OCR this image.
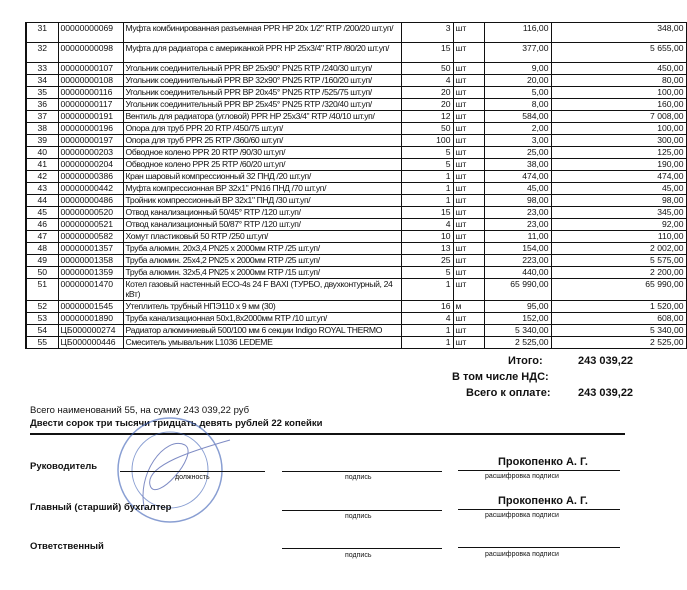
31	00000000069	Муфта комбинированная разъемная PPR HP 20x 1/2" RTP /200/20 шт.уп/	3	шт	116,00	348,00
32	00000000098	Муфта для радиатора с американкой PPR HP 25x3/4" RTP /80/20 шт.уп/	15	шт	377,00	5 655,00
33	00000000107	Угольник соединительный PPR BP 25x90° PN25 RTP /240/30 шт.уп/	50	шт	9,00	450,00
34	00000000108	Угольник соединительный PPR BP 32x90° PN25 RTP /160/20 шт.уп/	4	шт	20,00	80,00
35	00000000116	Угольник соединительный PPR BP 20x45° PN25 RTP /525/75 шт.уп/	20	шт	5,00	100,00
36	00000000117	Угольник соединительный PPR BP 25x45° PN25 RTP /320/40 шт.уп/	20	шт	8,00	160,00
37	00000000191	Вентиль для радиатора (угловой) PPR HP 25x3/4" RTP /40/10 шт.уп/	12	шт	584,00	7 008,00
38	00000000196	Опора для труб PPR 20 RTP /450/75 шт.уп/	50	шт	2,00	100,00
39	00000000197	Опора для труб PPR 25 RTP /360/60 шт.уп/	100	шт	3,00	300,00
40	00000000203	Обводное колено PPR 20 RTP /90/30 шт.уп/	5	шт	25,00	125,00
41	00000000204	Обводное колено PPR 25 RTP /60/20 шт.уп/	5	шт	38,00	190,00
42	00000000386	Кран шаровый компрессионный 32 ПНД /20 шт.уп/	1	шт	474,00	474,00
43	00000000442	Муфта компрессионная BP 32x1" PN16 ПНД /70 шт.уп/	1	шт	45,00	45,00
44	00000000486	Тройник компрессионный BP 32x1" ПНД /30 шт.уп/	1	шт	98,00	98,00
45	00000000520	Отвод канализационный 50/45° RTP /120 шт.уп/	15	шт	23,00	345,00
46	00000000521	Отвод канализационный 50/87° RTP /120 шт.уп/	4	шт	23,00	92,00
47	00000000582	Хомут пластиковый 50 RTP /250 шт.уп/	10	шт	11,00	110,00
48	00000001357	Труба алюмин. 20x3,4 PN25 x 2000мм RTP /25 шт.уп/	13	шт	154,00	2 002,00
49	00000001358	Труба алюмин. 25x4,2 PN25 x 2000мм RTP /25 шт.уп/	25	шт	223,00	5 575,00
50	00000001359	Труба алюмин. 32x5,4 PN25 x 2000мм RTP /15 шт.уп/	5	шт	440,00	2 200,00
51	00000001470	Котел газовый настенный ECO-4s 24 F BAXI (ТУРБО, двухконтурный, 24 кВт)	1	шт	65 990,00	65 990,00
52	00000001545	Утеплитель трубный НПЭ110 x 9 мм (30)	16	м	95,00	1 520,00
53	00000001890	Труба канализационная 50x1,8x2000мм RTP /10 шт.уп/	4	шт	152,00	608,00
54	ЦБ000000274	Радиатор алюминиевый 500/100 мм 6 секции Indigo ROYAL THERMO	1	шт	5 340,00	5 340,00
55	ЦБ000000446	Смеситель умывальник L1036 LEDEME	1	шт	2 525,00	2 525,00
Итого:	243 039,22
В том числе НДС:
Всего к оплате: 243 039,22
Всего наименований 55, на сумму 243 039,22 руб
Двести сорок три тысячи тридцать девять рублей 22 копейки
Руководитель
должность	подпись
Прокопенко А. Г.
расшифровка подписи
Главный (старший) бухгалтер
подпись
Прокопенко А. Г.
расшифровка подписи
Ответственный
подпись	расшифровка подписи
